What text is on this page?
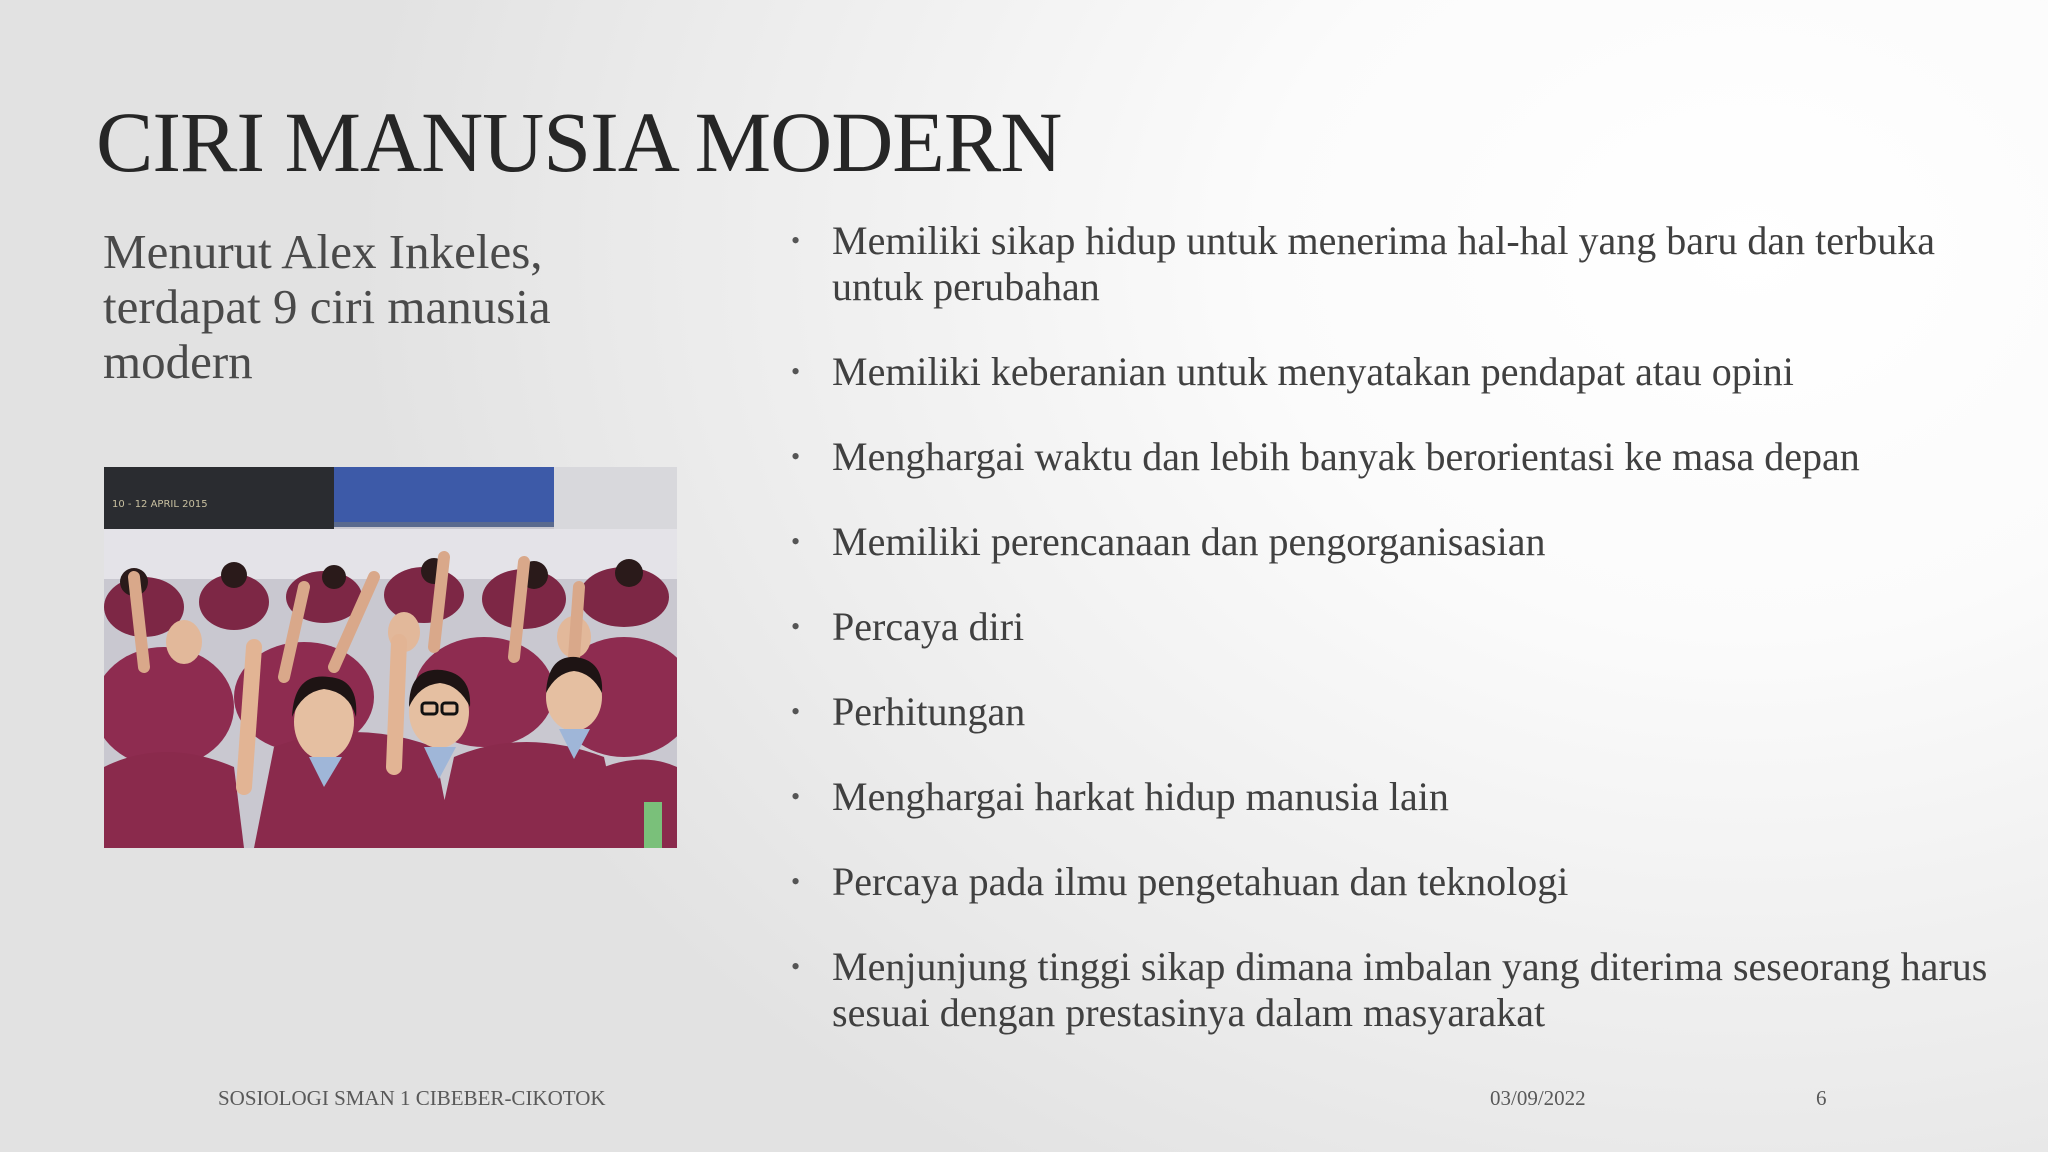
CIRI MANUSIA MODERN
Menurut Alex Inkeles, terdapat 9 ciri manusia modern
10 - 12 APRIL 2015
• Memiliki sikap hidup untuk menerima hal-hal yang baru dan terbuka untuk perubahan
• Memiliki keberanian untuk menyatakan pendapat atau opini
• Menghargai waktu dan lebih banyak berorientasi ke masa depan
• Memiliki perencanaan dan pengorganisasian
• Percaya diri
• Perhitungan
• Menghargai harkat hidup manusia lain
• Percaya pada ilmu pengetahuan dan teknologi
• Menjunjung tinggi sikap dimana imbalan yang diterima seseorang harus sesuai dengan prestasinya dalam masyarakat
SOSIOLOGI SMAN 1 CIBEBER-CIKOTOK	03/09/2022	6
